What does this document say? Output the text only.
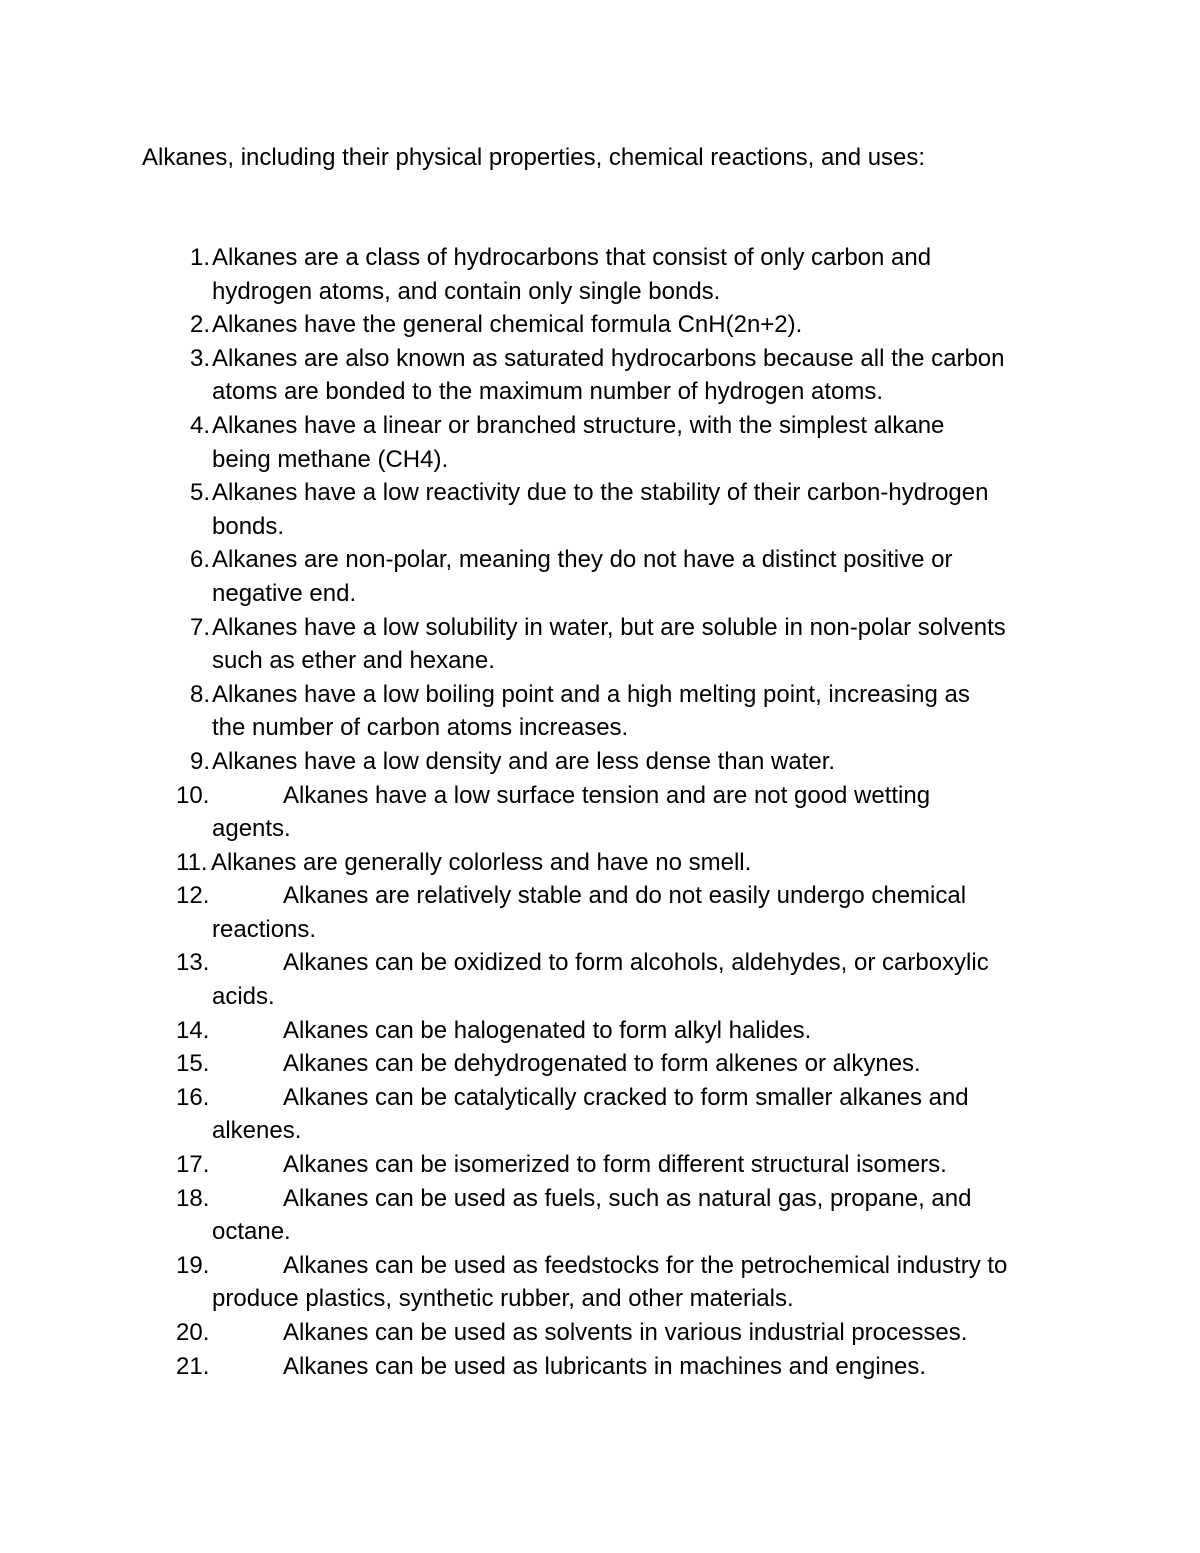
Alkanes, including their physical properties, chemical reactions, and uses:
1. Alkanes are a class of hydrocarbons that consist of only carbon and
hydrogen atoms, and contain only single bonds.
2. Alkanes have the general chemical formula CnH(2n+2).
3. Alkanes are also known as saturated hydrocarbons because all the carbon
atoms are bonded to the maximum number of hydrogen atoms.
4. Alkanes have a linear or branched structure, with the simplest alkane
being methane (CH4).
5. Alkanes have a low reactivity due to the stability of their carbon-hydrogen
bonds.
6. Alkanes are non-polar, meaning they do not have a distinct positive or
negative end.
7. Alkanes have a low solubility in water, but are soluble in non-polar solvents
such as ether and hexane.
8. Alkanes have a low boiling point and a high melting point, increasing as
the number of carbon atoms increases.
9. Alkanes have a low density and are less dense than water.
10.	Alkanes have a low surface tension and are not good wetting
agents.
11. Alkanes are generally colorless and have no smell.
12.	Alkanes are relatively stable and do not easily undergo chemical
reactions.
13.	Alkanes can be oxidized to form alcohols, aldehydes, or carboxylic
acids.
14.	Alkanes can be halogenated to form alkyl halides.
15.	Alkanes can be dehydrogenated to form alkenes or alkynes.
16.	Alkanes can be catalytically cracked to form smaller alkanes and
alkenes.
17.	Alkanes can be isomerized to form different structural isomers.
18.	Alkanes can be used as fuels, such as natural gas, propane, and
octane.
19.	Alkanes can be used as feedstocks for the petrochemical industry to
produce plastics, synthetic rubber, and other materials.
20.	Alkanes can be used as solvents in various industrial processes.
21.	Alkanes can be used as lubricants in machines and engines.
